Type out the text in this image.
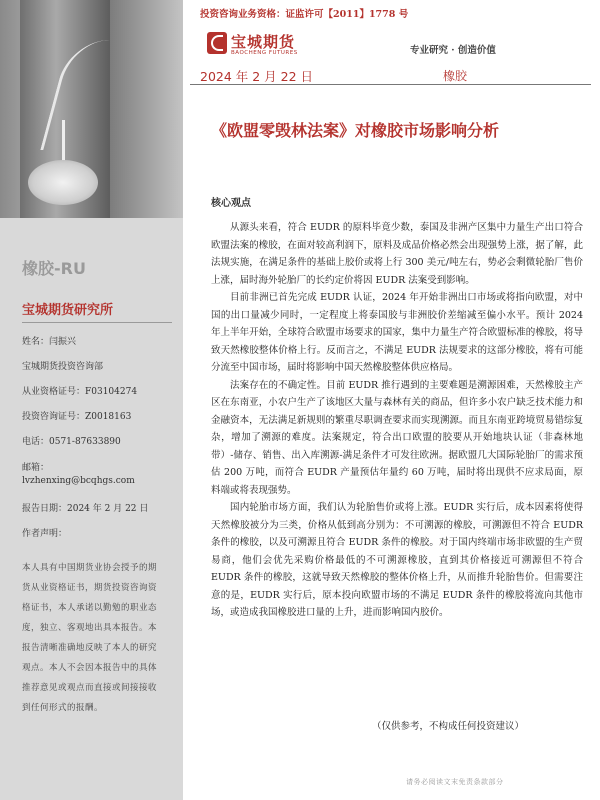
橡胶-RU
宝城期货研究所
姓名：闫振兴
宝城期货投资咨询部
从业资格证号：F03104274
投资咨询证号：Z0018163
电话：0571-87633890
邮箱：
lvzhenxing@bcqhgs.com
报告日期：2024 年 2 月 22 日
作者声明：
本人具有中国期货业协会授予的期货从业资格证书，期货投资咨询资格证书，本人承诺以勤勉的职业态度，独立、客观地出具本报告。本报告清晰准确地反映了本人的研究观点。本人不会因本报告中的具体推荐意见或观点而直接或间接接收到任何形式的报酬。
投资咨询业务资格：证监许可【2011】1778 号
宝城期货
BAOCHENG FUTURES	专业研究 · 创造价值
2024 年 2 月 22 日	橡胶
《欧盟零毁林法案》对橡胶市场影响分析
核心观点

从源头来看，符合 EUDR 的原料毕竟少数，泰国及非洲产区集中力量生产出口符合欧盟法案的橡胶，在面对较高利润下，原料及成品价格必然会出现强势上涨，据了解，此法规实施，在满足条件的基础上胶价或将上行 300 美元/吨左右，势必会剩微轮胎厂售价上涨，届时海外轮胎厂的长约定价将因 EUDR 法案受到影响。

目前非洲已首先完成 EUDR 认证，2024 年开始非洲出口市场或将指向欧盟，对中国的出口量减少同时，一定程度上将泰国胶与非洲胶价差缩减至偏小水平。预计 2024 年上半年开始，全球符合欧盟市场要求的国家，集中力量生产符合欧盟标准的橡胶，将导致天然橡胶整体价格上行。反而言之，不满足 EUDR 法规要求的这部分橡胶，将有可能分流至中国市场，届时将影响中国天然橡胶整体供应格局。

法案存在的不确定性。目前 EUDR 推行遇到的主要难题是溯源困难，天然橡胶主产区在东南亚，小农户生产了该地区大量与森林有关的商品，但许多小农户缺乏技术能力和金融资本，无法满足新规则的繁重尽职调查要求而实现溯源。而且东南亚跨境贸易错综复杂，增加了溯源的难度。法案规定，符合出口欧盟的胶要从开始地块认证（非森林地带）-储存、销售、出入库溯源-满足条件才可发往欧洲。据欧盟几大国际轮胎厂的需求预估 200 万吨，而符合 EUDR 产量预估年量约 60 万吨，届时将出现供不应求局面，原料端或将表现强势。

国内轮胎市场方面，我们认为轮胎售价或将上涨。EUDR 实行后，成本因素将使得天然橡胶被分为三类，价格从低到高分别为：不可溯源的橡胶，可溯源但不符合 EUDR 条件的橡胶，以及可溯源且符合 EUDR 条件的橡胶。对于国内终端市场非欧盟的生产贸易商，他们会优先采购价格最低的不可溯源橡胶，直到其价格接近可溯源但不符合 EUDR 条件的橡胶，这就导致天然橡胶的整体价格上升，从而推升轮胎售价。但需要注意的是，EUDR 实行后，原本投向欧盟市场的不满足 EUDR 条件的橡胶将流向其他市场，或造成我国橡胶进口量的上升，进而影响国内胶价。

（仅供参考，不构成任何投资建议）
请务必阅读文末免责条款部分
